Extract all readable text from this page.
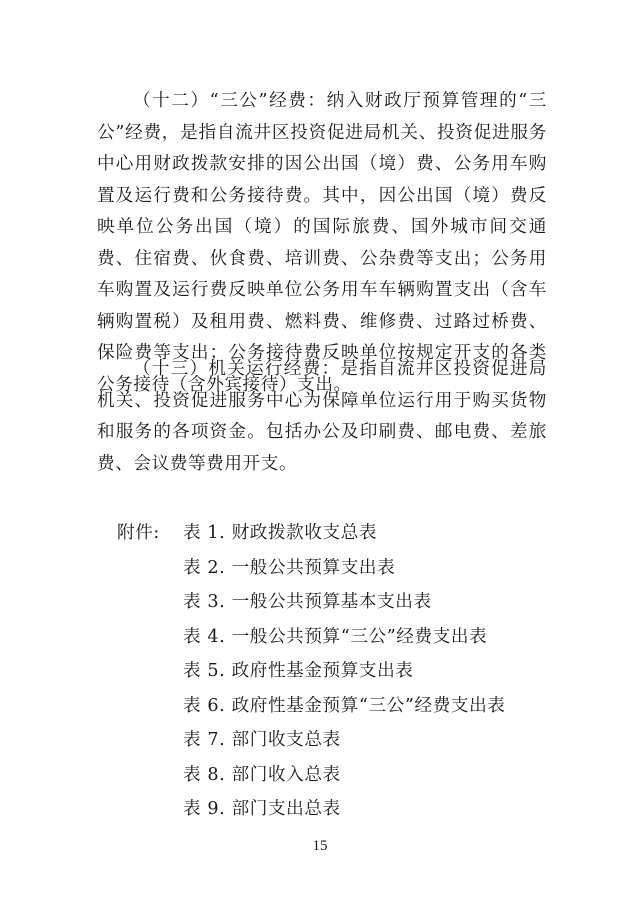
（十二）“三公”经费：纳入财政厅预算管理的“三公”经费，是指自流井区投资促进局机关、投资促进服务中心用财政拨款安排的因公出国（境）费、公务用车购置及运行费和公务接待费。其中，因公出国（境）费反映单位公务出国（境）的国际旅费、国外城市间交通费、住宿费、伙食费、培训费、公杂费等支出；公务用车购置及运行费反映单位公务用车车辆购置支出（含车辆购置税）及租用费、燃料费、维修费、过路过桥费、保险费等支出；公务接待费反映单位按规定开支的各类公务接待（含外宾接待）支出。

（十三）机关运行经费：是指自流井区投资促进局机关、投资促进服务中心为保障单位运行用于购买货物和服务的各项资金。包括办公及印刷费、邮电费、差旅费、会议费等费用开支。

附件: 表 1. 财政拨款收支总表
表 2. 一般公共预算支出表
表 3. 一般公共预算基本支出表
表 4. 一般公共预算“三公”经费支出表
表 5. 政府性基金预算支出表
表 6. 政府性基金预算“三公”经费支出表
表 7. 部门收支总表
表 8. 部门收入总表
表 9. 部门支出总表
15
